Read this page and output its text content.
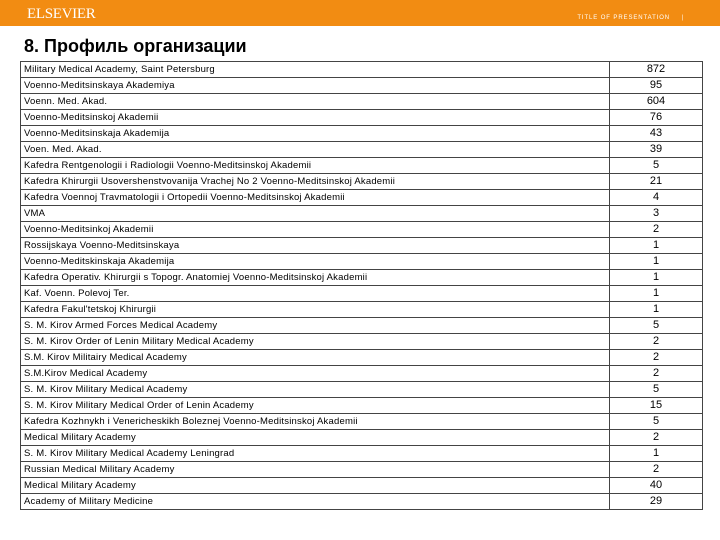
ELSEVIER	TITLE OF PRESENTATION |
8. Профиль организации
Military Medical Academy, Saint Petersburg	872
Voenno-Meditsinskaya Akademiya	95
Voenn. Med. Akad.	604
Voenno-Meditsinskoj Akademii	76
Voenno-Meditsinskaja Akademija	43
Voen. Med. Akad.	39
Kafedra Rentgenologii i Radiologii Voenno-Meditsinskoj Akademii	5
Kafedra Khirurgii Usovershenstvovanija Vrachej No 2 Voenno-Meditsinskoj Akademii	21
Kafedra Voennoj Travmatologii i Ortopedii Voenno-Meditsinskoj Akademii	4
VMA	3
Voenno-Meditsinkoj Akademii	2
Rossijskaya Voenno-Meditsinskaya	1
Voenno-Meditskinskaja Akademija	1
Kafedra Operativ. Khirurgii s Topogr. Anatomiej Voenno-Meditsinskoj Akademii	1
Kaf. Voenn. Polevoj Ter.	1
Kafedra Fakul'tetskoj Khirurgii	1
S. M. Kirov Armed Forces Medical Academy	5
S. M. Kirov Order of Lenin Military Medical Academy	2
S.M. Kirov Militairy Medical Academy	2
S.M.Kirov Medical Academy	2
S. M. Kirov Military Medical Academy	5
S. M. Kirov Military Medical Order of Lenin Academy	15
Kafedra Kozhnykh i Venericheskikh Boleznej Voenno-Meditsinskoj Akademii	5
Medical Military Academy	2
S. M. Kirov Military Medical Academy Leningrad	1
Russian Medical Military Academy	2
Medical Military Academy	40
Academy of Military Medicine	29
